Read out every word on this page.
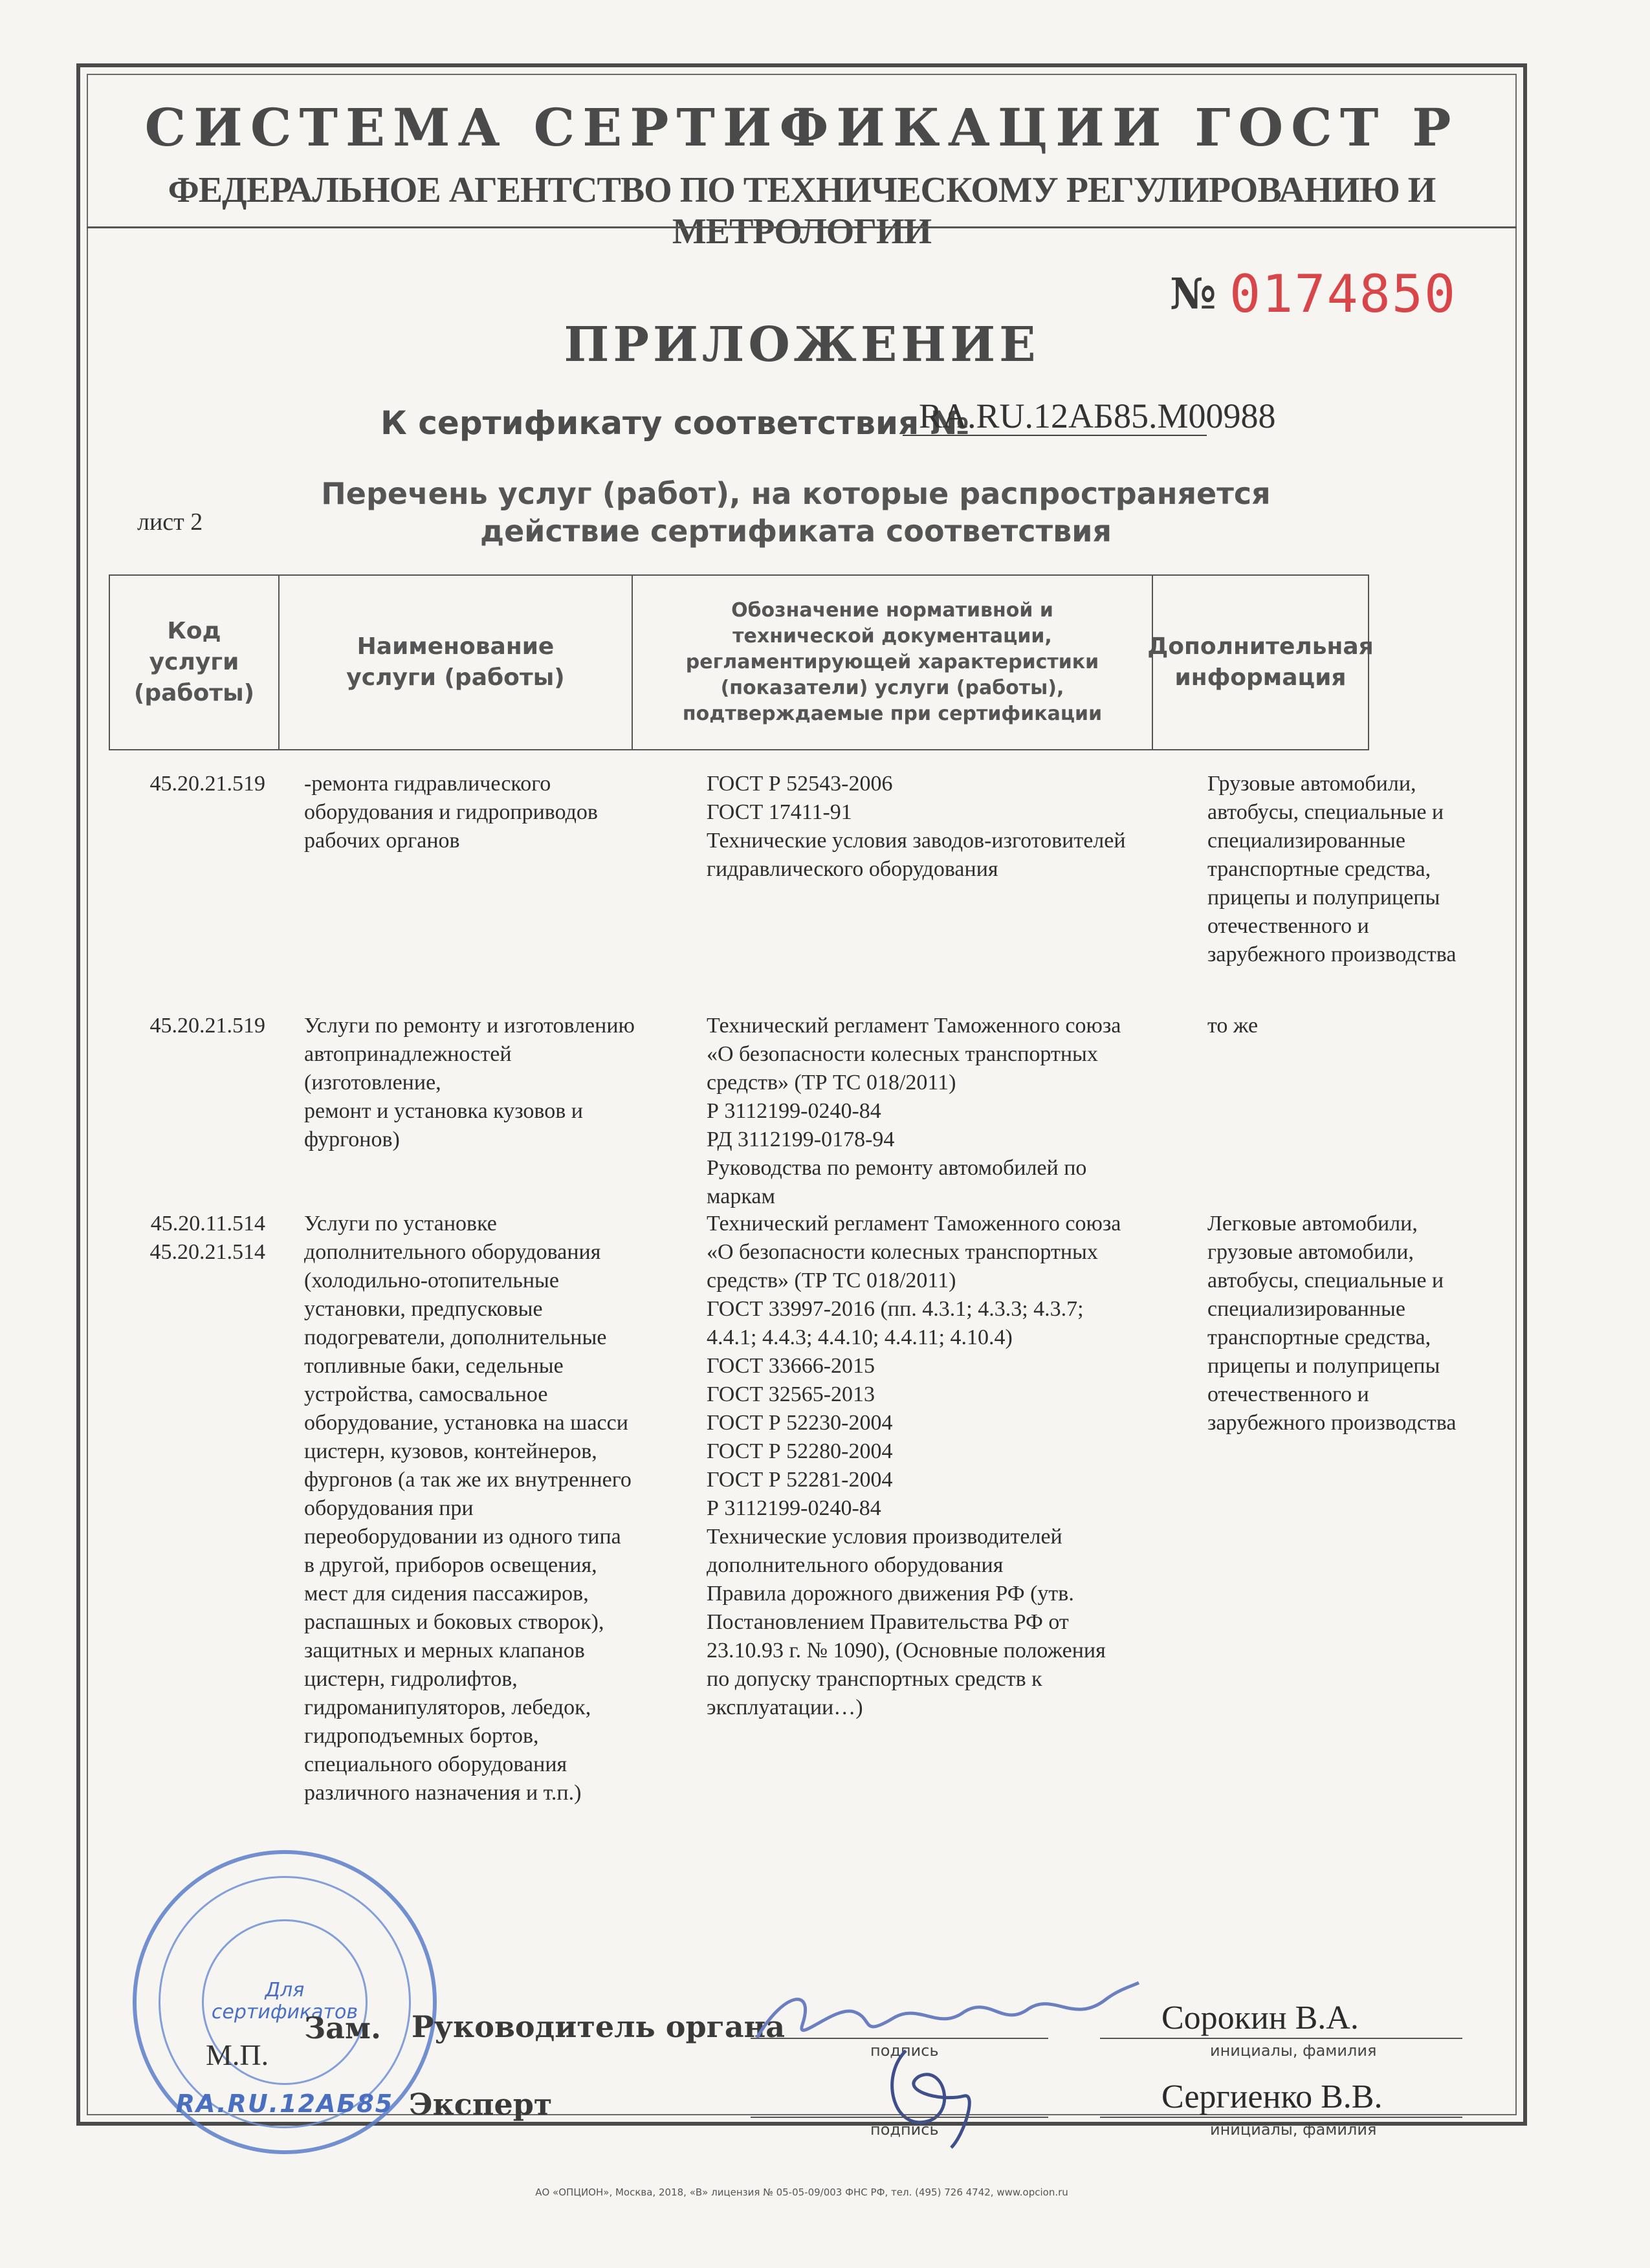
СИСТЕМА СЕРТИФИКАЦИИ ГОСТ Р
ФЕДЕРАЛЬНОЕ АГЕНТСТВО ПО ТЕХНИЧЕСКОМУ РЕГУЛИРОВАНИЮ И МЕТРОЛОГИИ
№ 0174850
ПРИЛОЖЕНИЕ
К сертификату соответствия №
RA.RU.12АБ85.М00988
лист 2
Перечень услуг (работ), на которые распространяется
действие сертификата соответствия
Код
услуги
(работы)
Наименование
услуги (работы)
Обозначение нормативной и
технической документации,
регламентирующей характеристики
(показатели) услуги (работы),
подтверждаемые при сертификации
Дополнительная
информация
45.20.21.519 -ремонта гидравлического
оборудования и гидроприводов
рабочих органов
ГОСТ Р 52543-2006
ГОСТ 17411-91
Технические условия заводов-изготовителей
гидравлического оборудования
Грузовые автомобили,
автобусы, специальные и
специализированные
транспортные средства,
прицепы и полуприцепы
отечественного и
зарубежного производства
45.20.21.519 Услуги по ремонту и изготовлению
автопринадлежностей
(изготовление,
ремонт и установка кузовов и
фургонов)
Технический регламент Таможенного союза
«О безопасности колесных транспортных
средств» (ТР ТС 018/2011)
Р 3112199-0240-84
РД 3112199-0178-94
Руководства по ремонту автомобилей по
маркам
то же
45.20.11.514
45.20.21.514
Услуги по установке
дополнительного оборудования
(холодильно-отопительные
установки, предпусковые
подогреватели, дополнительные
топливные баки, седельные
устройства, самосвальное
оборудование, установка на шасси
цистерн, кузовов, контейнеров,
фургонов (а так же их внутреннего
оборудования при
переоборудовании из одного типа
в другой, приборов освещения,
мест для сидения пассажиров,
распашных и боковых створок),
защитных и мерных клапанов
цистерн, гидролифтов,
гидроманипуляторов, лебедок,
гидроподъемных бортов,
специального оборудования
различного назначения и т.п.)
Технический регламент Таможенного союза
«О безопасности колесных транспортных
средств» (ТР ТС 018/2011)
ГОСТ 33997-2016 (пп. 4.3.1; 4.3.3; 4.3.7;
4.4.1; 4.4.3; 4.4.10; 4.4.11; 4.10.4)
ГОСТ 33666-2015
ГОСТ 32565-2013
ГОСТ Р 52230-2004
ГОСТ Р 52280-2004
ГОСТ Р 52281-2004
Р 3112199-0240-84
Технические условия производителей
дополнительного оборудования
Правила дорожного движения РФ (утв.
Постановлением Правительства РФ от
23.10.93 г. № 1090), (Основные положения
по допуску транспортных средств к
эксплуатации…)
Легковые автомобили,
грузовые автомобили,
автобусы, специальные и
специализированные
транспортные средства,
прицепы и полуприцепы
отечественного и
зарубежного производства
Для
сертификатов
RA.RU.12АБ85
М.П.
Зам. Руководитель органа
подпись
Сорокин В.А.
инициалы, фамилия
Эксперт
подпись
Сергиенко В.В.
инициалы, фамилия
АО «ОПЦИОН», Москва, 2018, «В» лицензия № 05-05-09/003 ФНС РФ, тел. (495) 726 4742, www.opcion.ru
